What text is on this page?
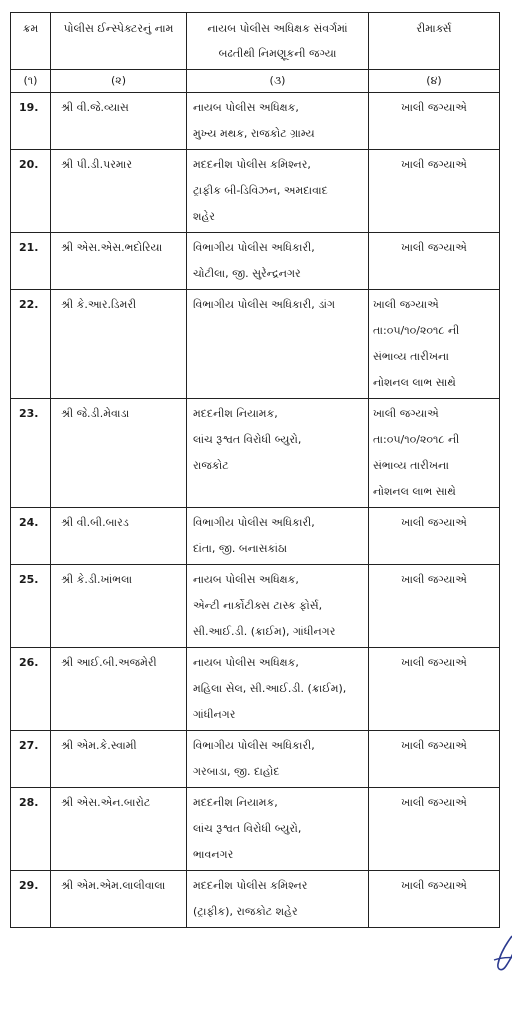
ક્રમ	પોલીસ ઈન્સ્પેક્ટરનું નામ	નાયબ પોલીસ અધિક્ષક સંવર્ગમાં બઢતીથી નિમણૂકની જગ્યા	રીમાર્ક્સ
(૧)	(૨)	(૩)	(૪)
19.	શ્રી વી.જે.વ્યાસ	નાયબ પોલીસ અધિક્ષક,
મુખ્ય મથક, રાજકોટ ગ્રામ્ય	ખાલી જગ્યાએ

20.	શ્રી પી.ડી.પરમાર	મદદનીશ પોલીસ કમિશ્નર,
ટ્રાફીક બી-ડિવિઝન, અમદાવાદ
શહેર	ખાલી જગ્યાએ

21.	શ્રી એસ.એસ.ભદોરિયા	વિભાગીય પોલીસ અધિકારી,
ચોટીલા, જી. સુરેન્દ્રનગર	ખાલી જગ્યાએ

22.	શ્રી કે.આર.ડિમરી	વિભાગીય પોલીસ અધિકારી, ડાંગ	ખાલી જગ્યાએ
તા:૦૫/૧૦/૨૦૧૮ ની
સંભાવ્ય તારીખના
નોશનલ લાભ સાથે

23.	શ્રી જે.ડી.મેવાડા	મદદનીશ નિયામક,
લાંચ રૂશ્વત વિરોધી બ્યુરો,
રાજકોટ	ખાલી જગ્યાએ
તા:૦૫/૧૦/૨૦૧૮ ની
સંભાવ્ય તારીખના
નોશનલ લાભ સાથે

24.	શ્રી વી.બી.બારડ	વિભાગીય પોલીસ અધિકારી,
દાંતા, જી. બનાસકાંઠા	ખાલી જગ્યાએ

25.	શ્રી કે.ડી.ખાંભલા	નાયબ પોલીસ અધિક્ષક,
એન્ટી નાર્કોટીક્સ ટાસ્ક ફોર્સ,
સી.આઈ.ડી. (ક્રાઈમ), ગાંધીનગર	ખાલી જગ્યાએ

26.	શ્રી આઈ.બી.અજમેરી	નાયબ પોલીસ અધિક્ષક,
મહિલા સેલ, સી.આઈ.ડી. (ક્રાઈમ),
ગાંધીનગર	ખાલી જગ્યાએ

27.	શ્રી એમ.કે.સ્વામી	વિભાગીય પોલીસ અધિકારી,
ગરબાડા, જી. દાહોદ	ખાલી જગ્યાએ

28.	શ્રી એસ.એન.બારોટ	મદદનીશ નિયામક,
લાંચ રૂશ્વત વિરોધી બ્યુરો,
ભાવનગર	ખાલી જગ્યાએ

29.	શ્રી એમ.એમ.લાલીવાલા	મદદનીશ પોલીસ કમિશ્નર
(ટ્રાફીક), રાજકોટ શહેર	ખાલી જગ્યાએ
